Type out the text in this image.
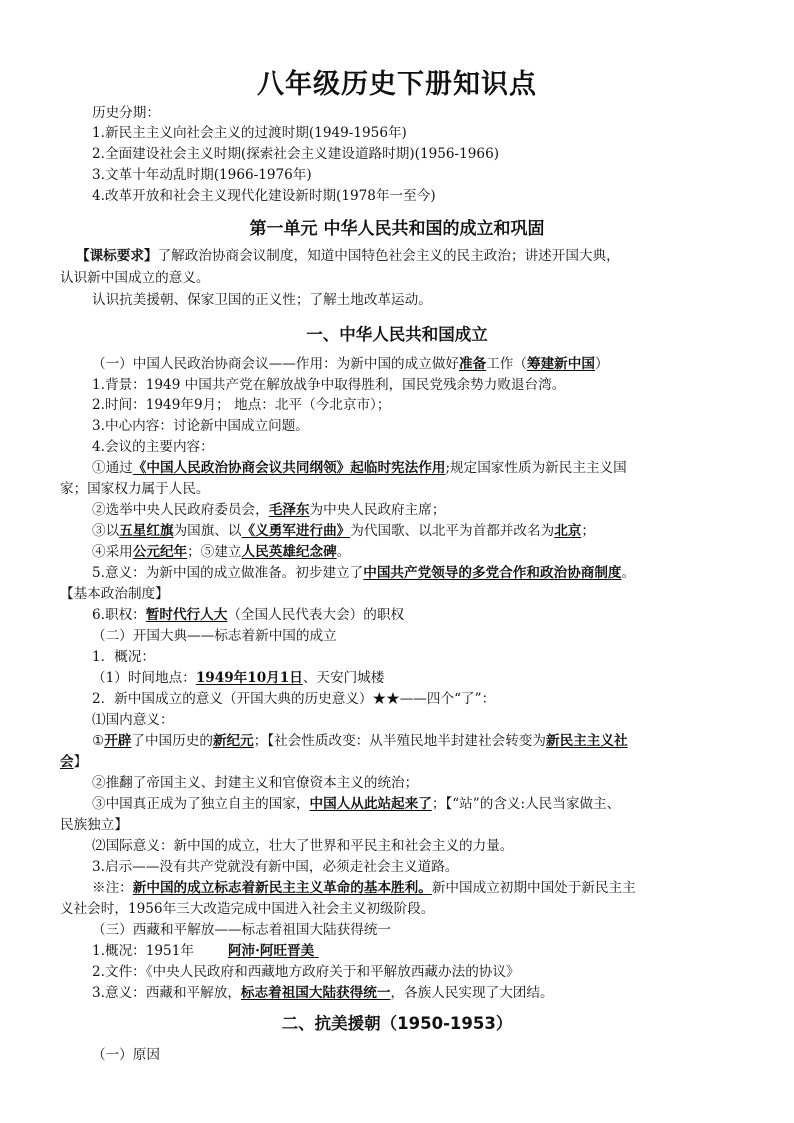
八年级历史下册知识点
历史分期：
1.新民主主义向社会主义的过渡时期(1949-1956年)
2.全面建设社会主义时期(探索社会主义建设道路时期)(1956-1966)
3.文革十年动乱时期(1966-1976年)
4.改革开放和社会主义现代化建设新时期(1978年一至今)
第一单元 中华人民共和国的成立和巩固
【课标要求】了解政治协商会议制度，知道中国特色社会主义的民主政治；讲述开国大典，
认识新中国成立的意义。
认识抗美援朝、保家卫国的正义性；了解土地改革运动。
一、中华人民共和国成立
（一）中国人民政治协商会议——作用：为新中国的成立做好准备工作（筹建新中国）
1.背景：1949 中国共产党在解放战争中取得胜利，国民党残余势力败退台湾。
2.时间：1949年9月； 地点：北平（今北京市）；
3.中心内容：讨论新中国成立问题。
4.会议的主要内容：
①通过《中国人民政治协商会议共同纲领》起临时宪法作用;规定国家性质为新民主主义国
家；国家权力属于人民。
②选举中央人民政府委员会，毛泽东为中央人民政府主席；
③以五星红旗为国旗、以《义勇军进行曲》为代国歌、以北平为首都并改名为北京；
④采用公元纪年；⑤建立人民英雄纪念碑。
5.意义：为新中国的成立做准备。初步建立了中国共产党领导的多党合作和政治协商制度。
【基本政治制度】
6.职权：暂时代行人大（全国人民代表大会）的职权
（二）开国大典——标志着新中国的成立
1．概况：
（1）时间地点：1949年10月1日、天安门城楼
2．新中国成立的意义（开国大典的历史意义）★★——四个“了”：
⑴国内意义：
①开辟了中国历史的新纪元；【社会性质改变：从半殖民地半封建社会转变为新民主主义社
会】
②推翻了帝国主义、封建主义和官僚资本主义的统治；
③中国真正成为了独立自主的国家，中国人从此站起来了；【“站”的含义:人民当家做主、
民族独立】
⑵国际意义：新中国的成立，壮大了世界和平民主和社会主义的力量。
3.启示——没有共产党就没有新中国，必须走社会主义道路。
※注：新中国的成立标志着新民主主义革命的基本胜利。新中国成立初期中国处于新民主主
义社会时，1956年三大改造完成中国进入社会主义初级阶段。
（三）西藏和平解放——标志着祖国大陆获得统一
1.概况：1951年	阿沛·阿旺晋美
2.文件：《中央人民政府和西藏地方政府关于和平解放西藏办法的协议》
3.意义：西藏和平解放，标志着祖国大陆获得统一，各族人民实现了大团结。
二、抗美援朝（1950-1953）
（一）原因
